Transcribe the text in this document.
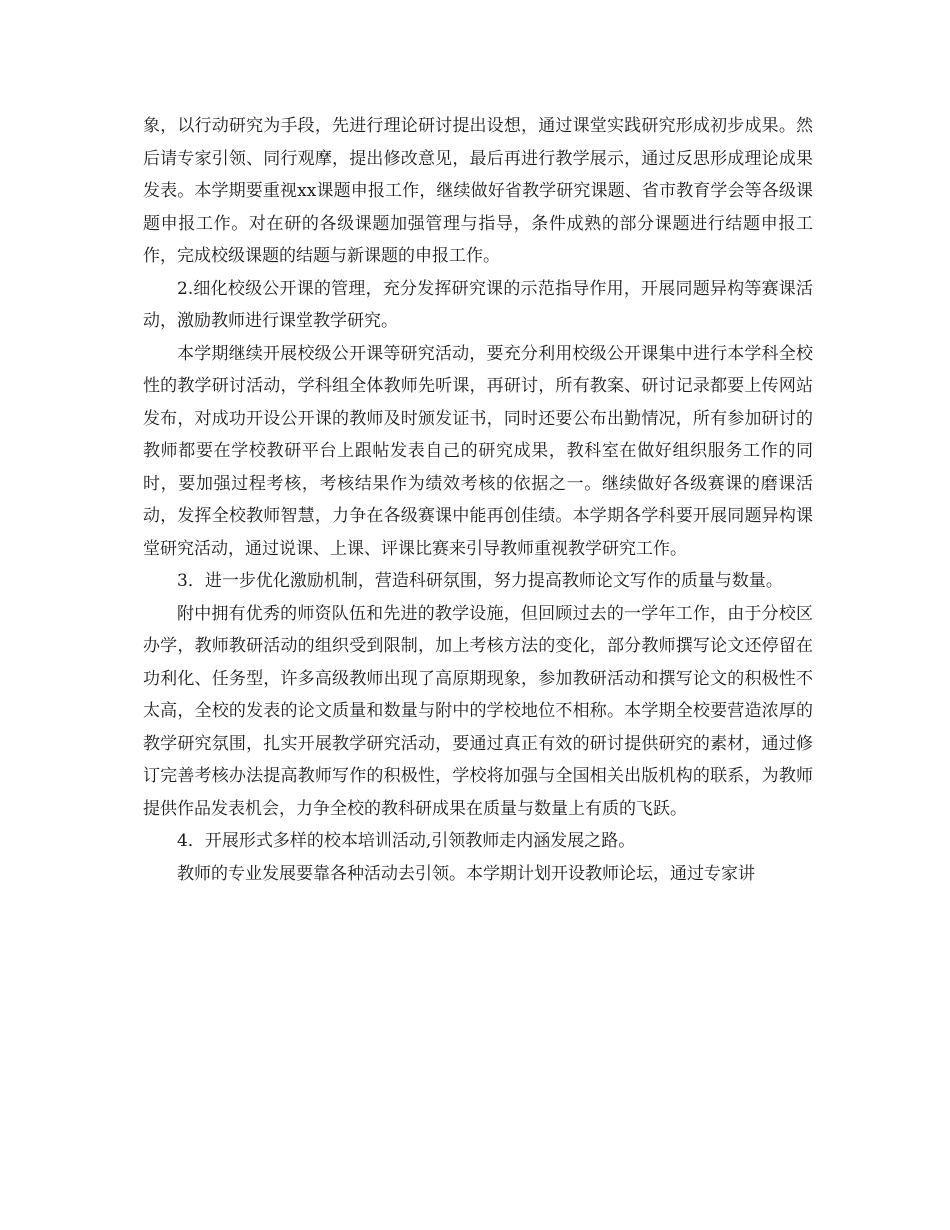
象，以行动研究为手段，先进行理论研讨提出设想，通过课堂实践研究形成初步成果。然后请专家引领、同行观摩，提出修改意见，最后再进行教学展示，通过反思形成理论成果发表。本学期要重视xx课题申报工作，继续做好省教学研究课题、省市教育学会等各级课题申报工作。对在研的各级课题加强管理与指导，条件成熟的部分课题进行结题申报工作，完成校级课题的结题与新课题的申报工作。

2.细化校级公开课的管理，充分发挥研究课的示范指导作用，开展同题异构等赛课活动，激励教师进行课堂教学研究。

本学期继续开展校级公开课等研究活动，要充分利用校级公开课集中进行本学科全校性的教学研讨活动，学科组全体教师先听课，再研讨，所有教案、研讨记录都要上传网站发布，对成功开设公开课的教师及时颁发证书，同时还要公布出勤情况，所有参加研讨的教师都要在学校教研平台上跟帖发表自己的研究成果，教科室在做好组织服务工作的同时，要加强过程考核，考核结果作为绩效考核的依据之一。继续做好各级赛课的磨课活动，发挥全校教师智慧，力争在各级赛课中能再创佳绩。本学期各学科要开展同题异构课堂研究活动，通过说课、上课、评课比赛来引导教师重视教学研究工作。

3．进一步优化激励机制，营造科研氛围，努力提高教师论文写作的质量与数量。

附中拥有优秀的师资队伍和先进的教学设施，但回顾过去的一学年工作，由于分校区办学，教师教研活动的组织受到限制，加上考核方法的变化，部分教师撰写论文还停留在功利化、任务型，许多高级教师出现了高原期现象，参加教研活动和撰写论文的积极性不太高，全校的发表的论文质量和数量与附中的学校地位不相称。本学期全校要营造浓厚的教学研究氛围，扎实开展教学研究活动，要通过真正有效的研讨提供研究的素材，通过修订完善考核办法提高教师写作的积极性，学校将加强与全国相关出版机构的联系，为教师提供作品发表机会，力争全校的教科研成果在质量与数量上有质的飞跃。

4．开展形式多样的校本培训活动,引领教师走内涵发展之路。

教师的专业发展要靠各种活动去引领。本学期计划开设教师论坛，通过专家讲
